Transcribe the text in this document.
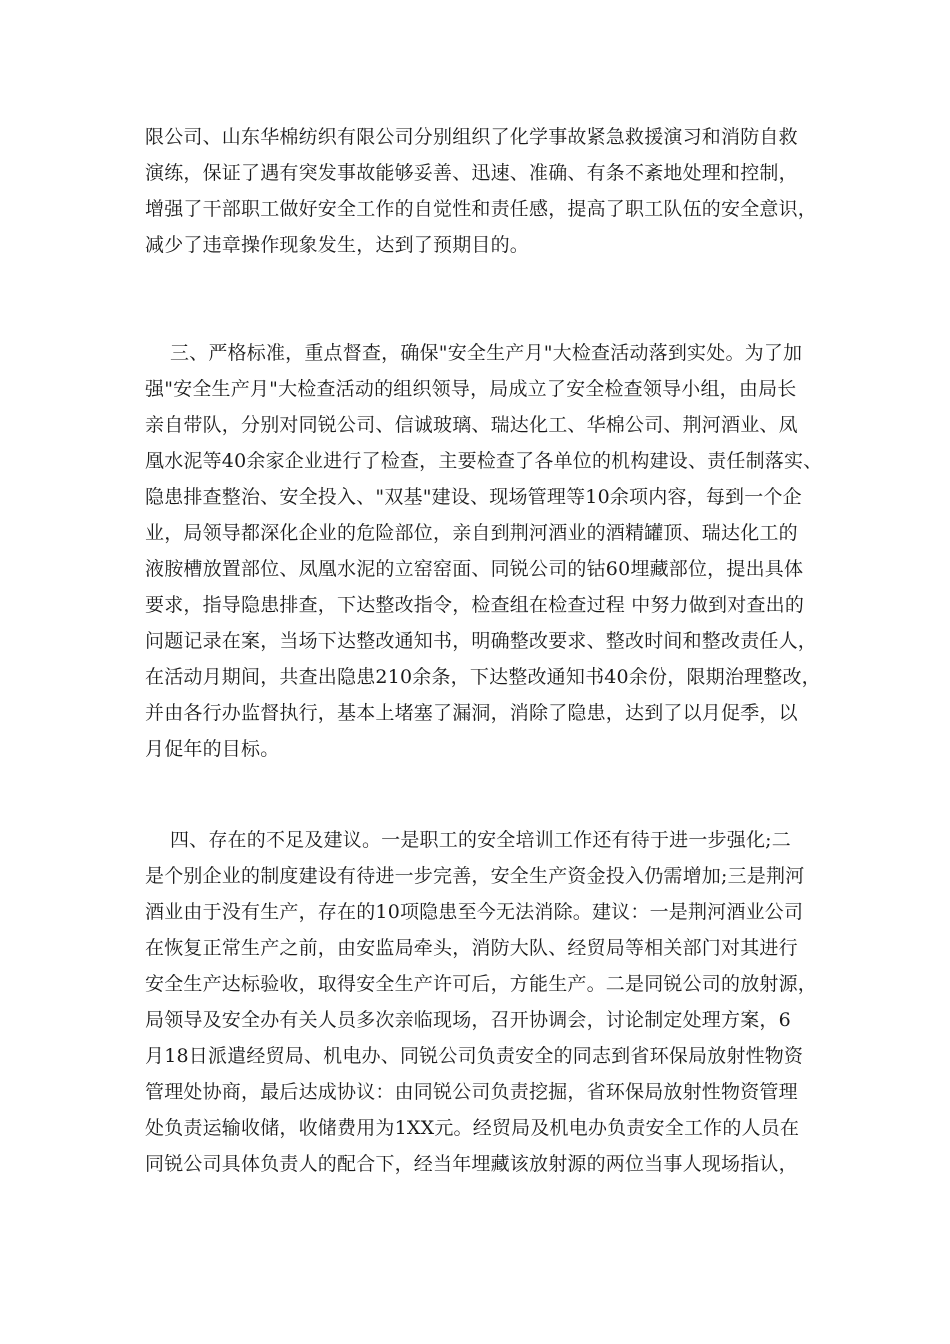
限公司、山东华棉纺织有限公司分别组织了化学事故紧急救援演习和消防自救
演练，保证了遇有突发事故能够妥善、迅速、准确、有条不紊地处理和控制，
增强了干部职工做好安全工作的自觉性和责任感，提高了职工队伍的安全意识，
减少了违章操作现象发生，达到了预期目的。
三、严格标准，重点督查，确保"安全生产月"大检查活动落到实处。为了加
强"安全生产月"大检查活动的组织领导，局成立了安全检查领导小组，由局长
亲自带队，分别对同锐公司、信诚玻璃、瑞达化工、华棉公司、荆河酒业、凤
凰水泥等40余家企业进行了检查，主要检查了各单位的机构建设、责任制落实、
隐患排查整治、安全投入、"双基"建设、现场管理等10余项内容，每到一个企
业，局领导都深化企业的危险部位，亲自到荆河酒业的酒精罐顶、瑞达化工的
液胺槽放置部位、凤凰水泥的立窑窑面、同锐公司的钴60埋藏部位，提出具体
要求，指导隐患排查，下达整改指令，检查组在检查过程 中努力做到对查出的
问题记录在案，当场下达整改通知书，明确整改要求、整改时间和整改责任人，
在活动月期间，共查出隐患210余条，下达整改通知书40余份，限期治理整改，
并由各行办监督执行，基本上堵塞了漏洞，消除了隐患，达到了以月促季，以
月促年的目标。
四、存在的不足及建议。一是职工的安全培训工作还有待于进一步强化;二
是个别企业的制度建设有待进一步完善，安全生产资金投入仍需增加;三是荆河
酒业由于没有生产，存在的10项隐患至今无法消除。建议：一是荆河酒业公司
在恢复正常生产之前，由安监局牵头，消防大队、经贸局等相关部门对其进行
安全生产达标验收，取得安全生产许可后，方能生产。二是同锐公司的放射源，
局领导及安全办有关人员多次亲临现场，召开协调会，讨论制定处理方案，6
月18日派遣经贸局、机电办、同锐公司负责安全的同志到省环保局放射性物资
管理处协商，最后达成协议：由同锐公司负责挖掘，省环保局放射性物资管理
处负责运输收储，收储费用为1XX元。经贸局及机电办负责安全工作的人员在
同锐公司具体负责人的配合下，经当年埋藏该放射源的两位当事人现场指认，
